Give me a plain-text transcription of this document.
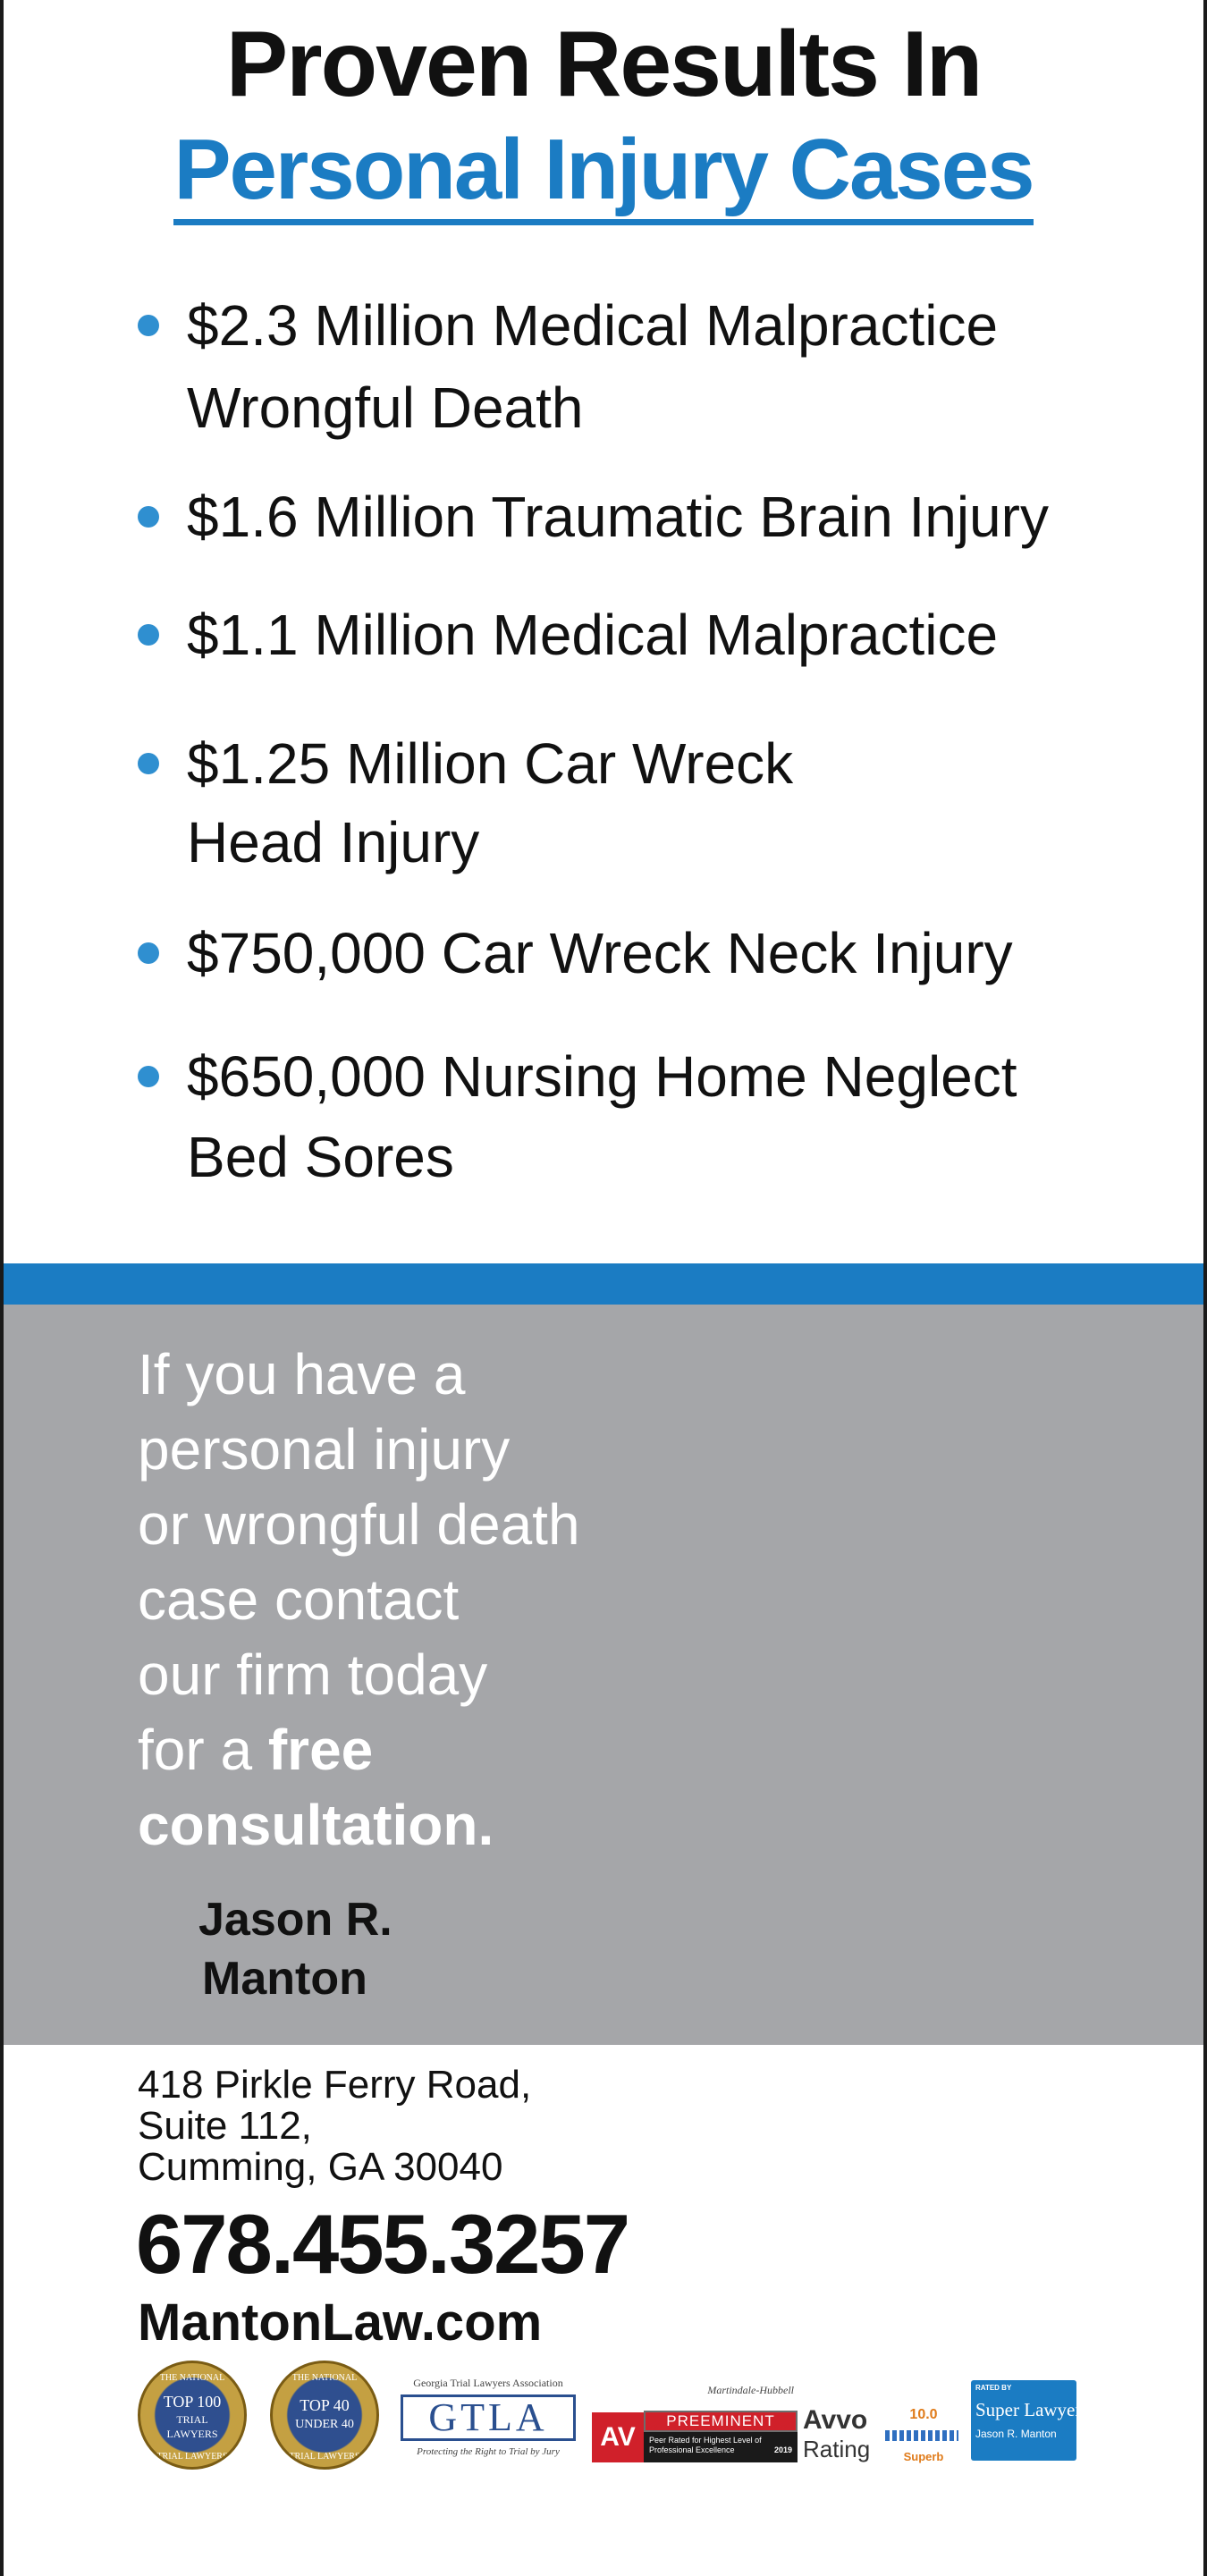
Proven Results In
Personal Injury Cases
$2.3 Million Medical Malpractice
Wrongful Death
$1.6 Million Traumatic Brain Injury
$1.1 Million Medical Malpractice
$1.25 Million Car Wreck
Head Injury
$750,000 Car Wreck Neck Injury
$650,000 Nursing Home Neglect
Bed Sores
If you have a
personal injury
or wrongful death
case contact
our firm today
for a free
consultation.
Jason R.
Manton
418 Pirkle Ferry Road,
Suite 112,
Cumming, GA 30040
678.455.3257
MantonLaw.com
THE NATIONAL
TOP 100
TRIAL
LAWYERS
TRIAL LAWYERS
THE NATIONAL
TOP 40
UNDER 40
TRIAL LAWYERS
Georgia Trial Lawyers Association
GTLA
Protecting the Right to Trial by Jury
Martindale-Hubbell
AV
PREEMINENT
Peer Rated for Highest Level of Professional Excellence	2019
Avvo
Rating
10.0
Superb
RATED BY
Super Lawyers
Jason R. Manton
